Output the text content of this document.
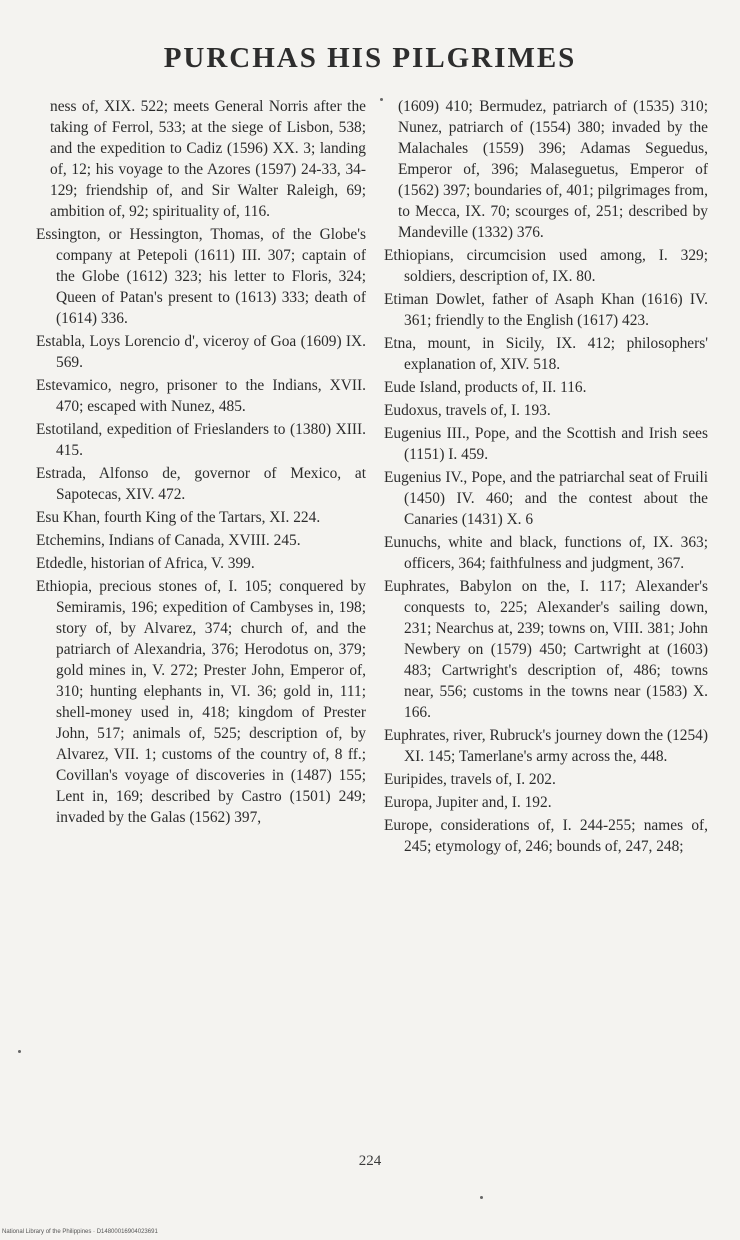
PURCHAS HIS PILGRIMES

ness of, XIX. 522; meets General Norris after the taking of Ferrol, 533; at the siege of Lisbon, 538; and the expedition to Cadiz (1596) XX. 3; landing of, 12; his voyage to the Azores (1597) 24-33, 34-129; friendship of, and Sir Walter Raleigh, 69; ambition of, 92; spirituality of, 116.

Essington, or Hessington, Thomas, of the Globe's company at Petepoli (1611) III. 307; captain of the Globe (1612) 323; his letter to Floris, 324; Queen of Patan's present to (1613) 333; death of (1614) 336.

Establa, Loys Lorencio d', viceroy of Goa (1609) IX. 569.

Estevamico, negro, prisoner to the Indians, XVII. 470; escaped with Nunez, 485.

Estotiland, expedition of Frieslanders to (1380) XIII. 415.

Estrada, Alfonso de, governor of Mexico, at Sapotecas, XIV. 472.

Esu Khan, fourth King of the Tartars, XI. 224.

Etchemins, Indians of Canada, XVIII. 245.

Etdedle, historian of Africa, V. 399.

Ethiopia, precious stones of, I. 105; conquered by Semiramis, 196; expedition of Cambyses in, 198; story of, by Alvarez, 374; church of, and the patriarch of Alexandria, 376; Herodotus on, 379; gold mines in, V. 272; Prester John, Emperor of, 310; hunting elephants in, VI. 36; gold in, 111; shell-money used in, 418; kingdom of Prester John, 517; animals of, 525; description of, by Alvarez, VII. 1; customs of the country of, 8 ff.; Covillan's voyage of discoveries in (1487) 155; Lent in, 169; described by Castro (1501) 249; invaded by the Galas (1562) 397,

(1609) 410; Bermudez, patriarch of (1535) 310; Nunez, patriarch of (1554) 380; invaded by the Malachales (1559) 396; Adamas Seguedus, Emperor of, 396; Malaseguetus, Emperor of (1562) 397; boundaries of, 401; pilgrimages from, to Mecca, IX. 70; scourges of, 251; described by Mandeville (1332) 376.

Ethiopians, circumcision used among, I. 329; soldiers, description of, IX. 80.

Etiman Dowlet, father of Asaph Khan (1616) IV. 361; friendly to the English (1617) 423.

Etna, mount, in Sicily, IX. 412; philosophers' explanation of, XIV. 518.

Eude Island, products of, II. 116.

Eudoxus, travels of, I. 193.

Eugenius III., Pope, and the Scottish and Irish sees (1151) I. 459.

Eugenius IV., Pope, and the patriarchal seat of Fruili (1450) IV. 460; and the contest about the Canaries (1431) X. 6

Eunuchs, white and black, functions of, IX. 363; officers, 364; faithfulness and judgment, 367.

Euphrates, Babylon on the, I. 117; Alexander's conquests to, 225; Alexander's sailing down, 231; Nearchus at, 239; towns on, VIII. 381; John Newbery on (1579) 450; Cartwright at (1603) 483; Cartwright's description of, 486; towns near, 556; customs in the towns near (1583) X. 166.

Euphrates, river, Rubruck's journey down the (1254) XI. 145; Tamerlane's army across the, 448.

Euripides, travels of, I. 202.

Europa, Jupiter and, I. 192.

Europe, considerations of, I. 244-255; names of, 245; etymology of, 246; bounds of, 247, 248;

224
National Library of the Philippines · D14800016904023691
